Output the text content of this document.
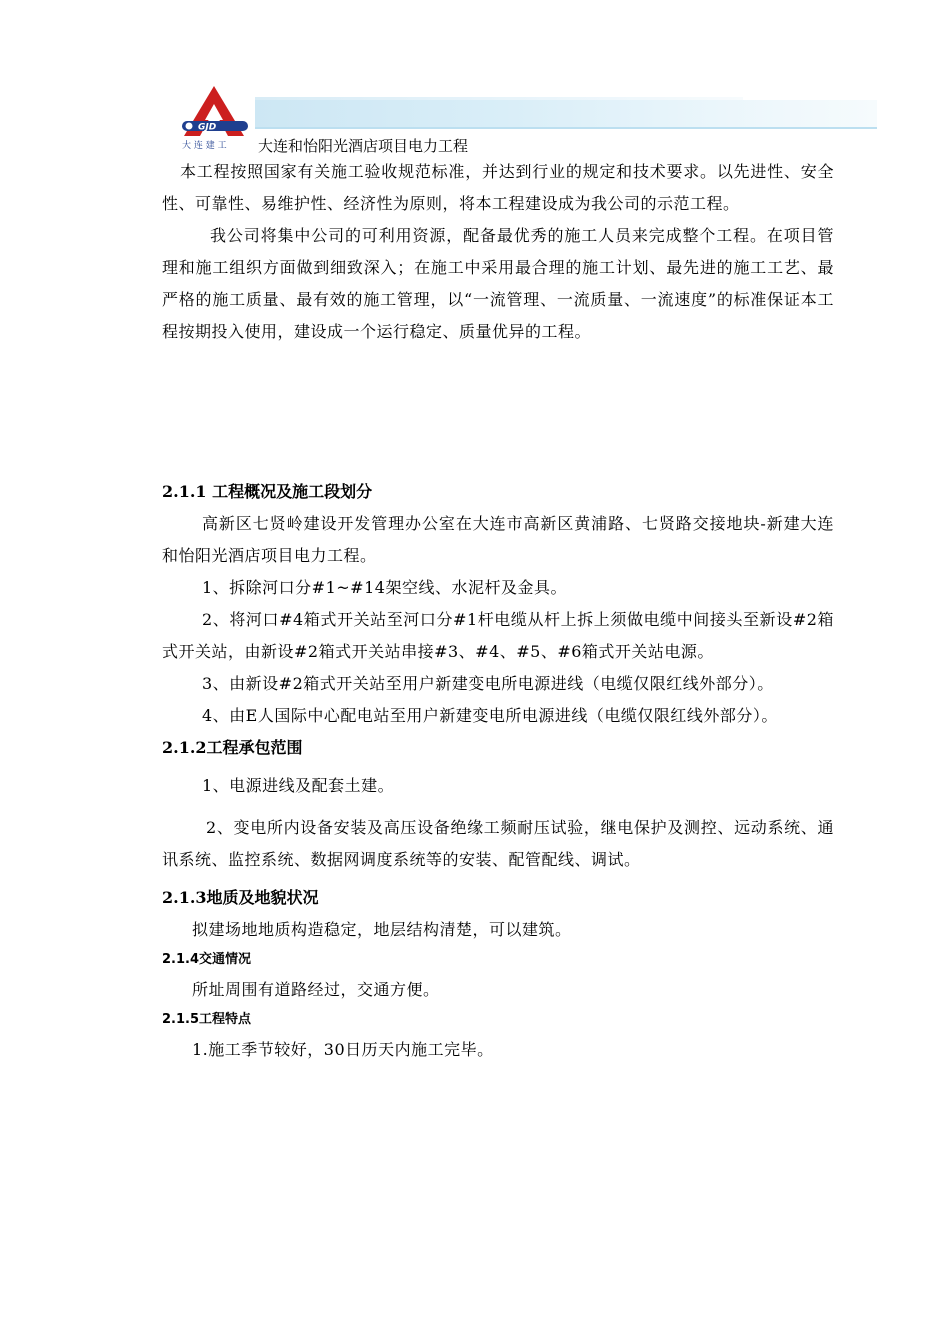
GJD
大 连 建 工 大连和怡阳光酒店项目电力工程

本工程按照国家有关施工验收规范标准，并达到行业的规定和技术要求。以先进性、安全性、可靠性、易维护性、经济性为原则，将本工程建设成为我公司的示范工程。

我公司将集中公司的可利用资源，配备最优秀的施工人员来完成整个工程。在项目管理和施工组织方面做到细致深入；在施工中采用最合理的施工计划、最先进的施工工艺、最严格的施工质量、最有效的施工管理，以“一流管理、一流质量、一流速度”的标准保证本工程按期投入使用，建设成一个运行稳定、质量优异的工程。

2.1.1 工程概况及施工段划分

高新区七贤岭建设开发管理办公室在大连市高新区黄浦路、七贤路交接地块-新建大连和怡阳光酒店项目电力工程。

1、拆除河口分#1~#14架空线、水泥杆及金具。

2、将河口#4箱式开关站至河口分#1杆电缆从杆上拆上须做电缆中间接头至新设#2箱式开关站，由新设#2箱式开关站串接#3、#4、#5、#6箱式开关站电源。

3、由新设#2箱式开关站至用户新建变电所电源进线（电缆仅限红线外部分）。

4、由E人国际中心配电站至用户新建变电所电源进线（电缆仅限红线外部分）。

2.1.2工程承包范围

1、电源进线及配套土建。

2、变电所内设备安装及高压设备绝缘工频耐压试验，继电保护及测控、远动系统、通讯系统、监控系统、数据网调度系统等的安装、配管配线、调试。

2.1.3地质及地貌状况

拟建场地地质构造稳定，地层结构清楚，可以建筑。

2.1.4交通情况

所址周围有道路经过，交通方便。

2.1.5工程特点

1.施工季节较好，30日历天内施工完毕。
